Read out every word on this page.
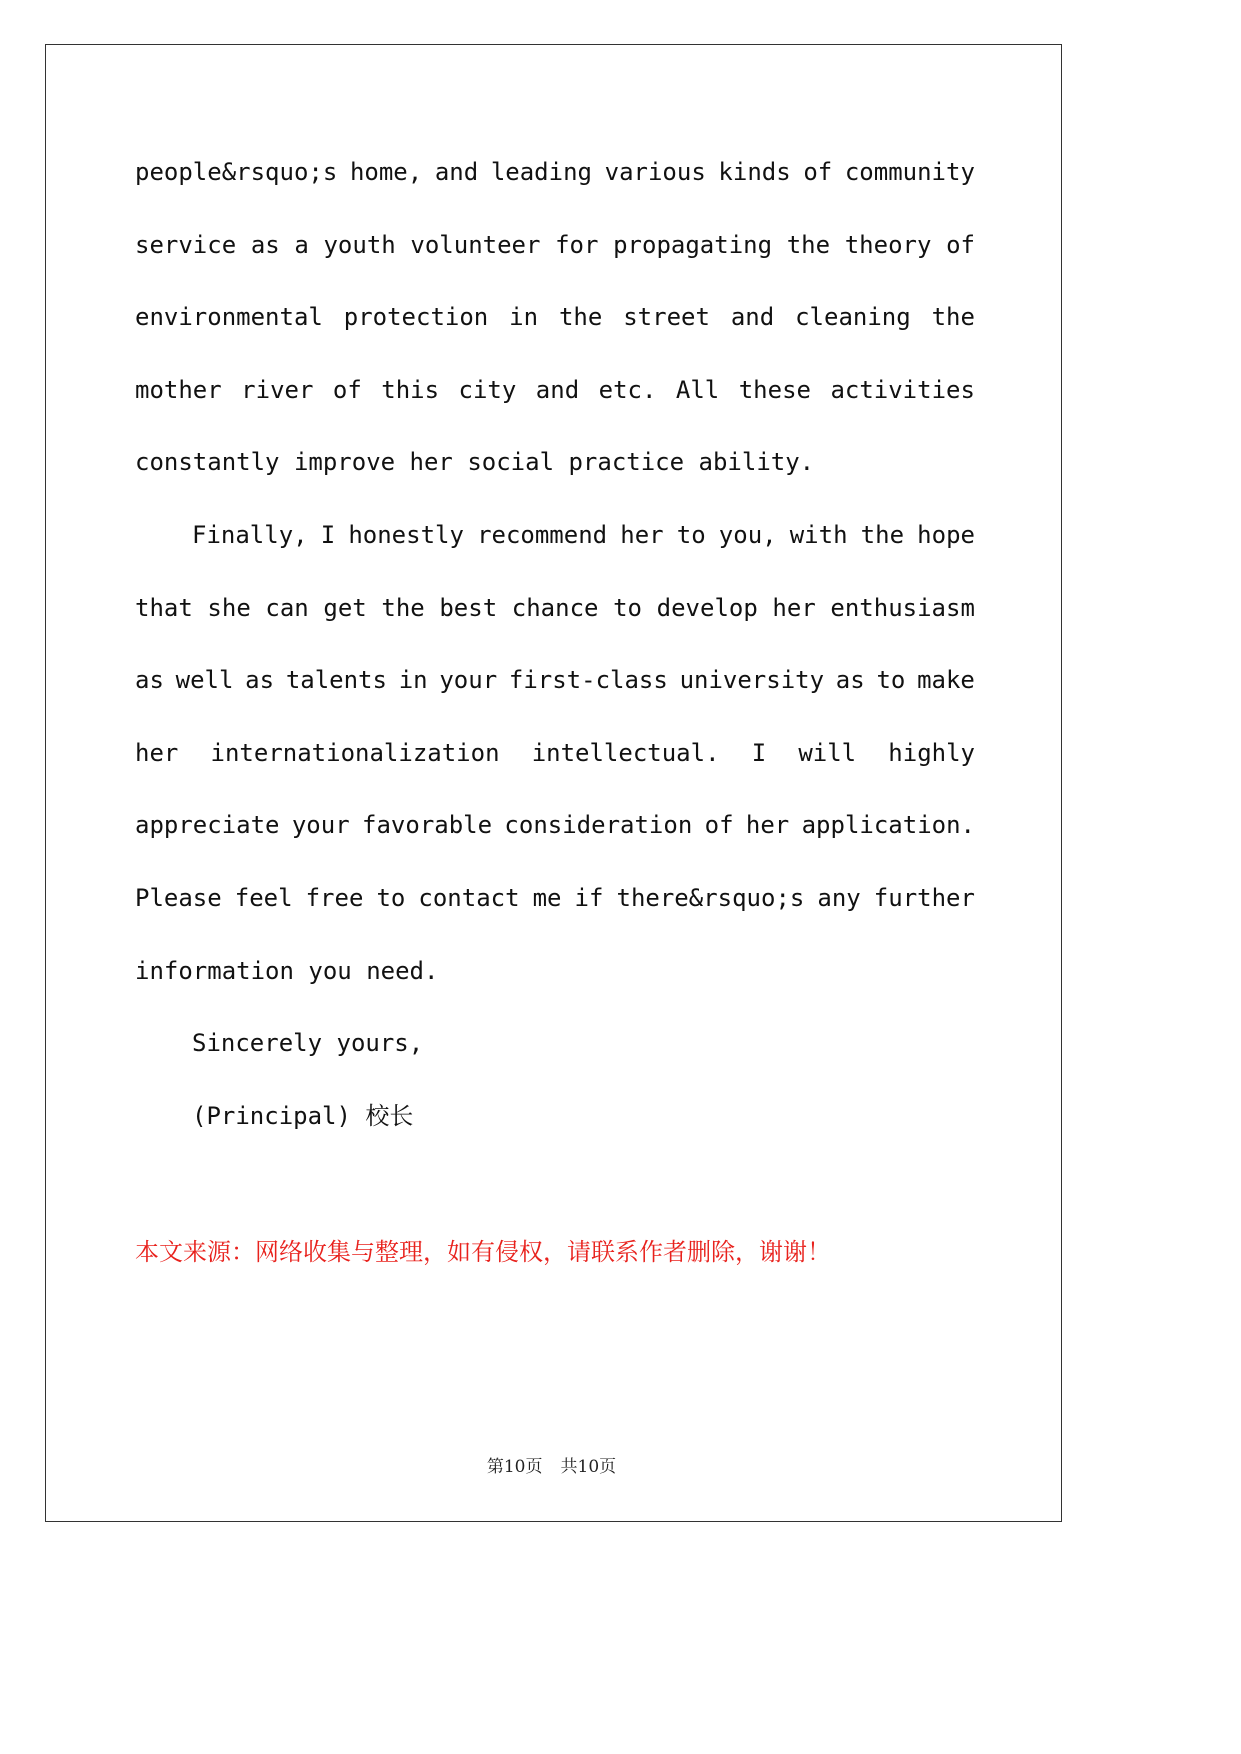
people&rsquo;s home, and leading various kinds of community
service as a youth volunteer for propagating the theory of
environmental protection in the street and cleaning the
mother river of this city and etc. All these activities
constantly improve her social practice ability.
Finally, I honestly recommend her to you, with the hope
that she can get the best chance to develop her enthusiasm
as well as talents in your first-class university as to make
her internationalization intellectual. I will highly
appreciate your favorable consideration of her application.
Please feel free to contact me if there&rsquo;s any further
information you need.
Sincerely yours,
(Principal) 校长
本文来源：网络收集与整理，如有侵权，请联系作者删除，谢谢！
第10页 共10页
